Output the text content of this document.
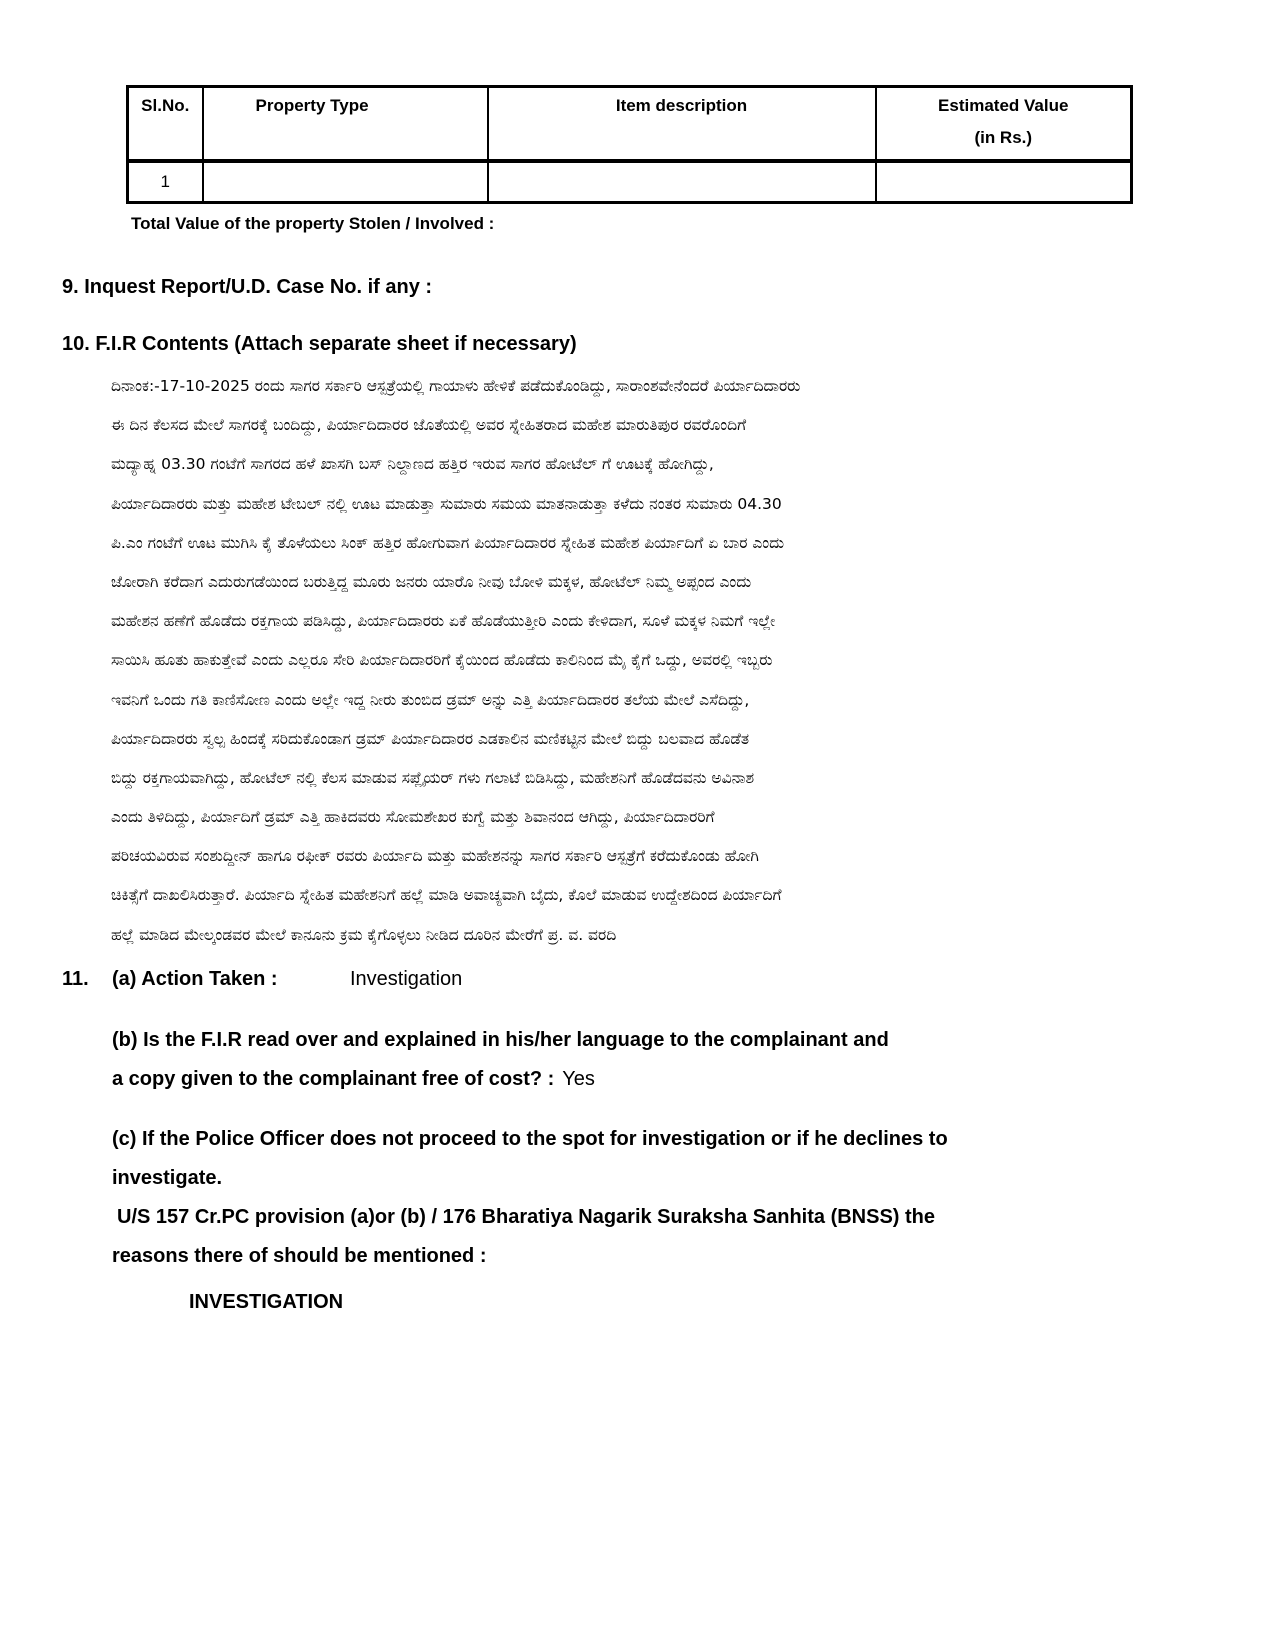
Sl.No.	Property Type	Item description	Estimated Value
(in Rs.)

1			
Total Value of the property Stolen / Involved :
9. Inquest Report/U.D. Case No. if any :
10. F.I.R Contents (Attach separate sheet if necessary)
ದಿನಾಂಕ:-17-10-2025 ರಂದು ಸಾಗರ ಸರ್ಕಾರಿ ಆಸ್ಪತ್ರೆಯಲ್ಲಿ ಗಾಯಾಳು ಹೇಳಿಕೆ ಪಡೆದುಕೊಂಡಿದ್ದು, ಸಾರಾಂಶವೇನೆಂದರೆ ಪಿರ್ಯಾದಿದಾರರು
ಈ ದಿನ ಕೆಲಸದ ಮೇಲೆ ಸಾಗರಕ್ಕೆ ಬಂದಿದ್ದು, ಪಿರ್ಯಾದಿದಾರರ ಜೊತೆಯಲ್ಲಿ ಅವರ ಸ್ನೇಹಿತರಾದ ಮಹೇಶ ಮಾರುತಿಪುರ ರವರೊಂದಿಗೆ
ಮದ್ಯಾಹ್ನ 03.30 ಗಂಟೆಗೆ ಸಾಗರದ ಹಳೆ ಖಾಸಗಿ ಬಸ್ ನಿಲ್ದಾಣದ ಹತ್ತಿರ ಇರುವ ಸಾಗರ ಹೋಟೆಲ್ ಗೆ ಊಟಕ್ಕೆ ಹೋಗಿದ್ದು,
ಪಿರ್ಯಾದಿದಾರರು ಮತ್ತು ಮಹೇಶ ಟೇಬಲ್ ನಲ್ಲಿ ಊಟ ಮಾಡುತ್ತಾ ಸುಮಾರು ಸಮಯ ಮಾತನಾಡುತ್ತಾ ಕಳೆದು ನಂತರ ಸುಮಾರು 04.30
ಪಿ.ಎಂ ಗಂಟೆಗೆ ಊಟ ಮುಗಿಸಿ ಕೈ ತೊಳೆಯಲು ಸಿಂಕ್ ಹತ್ತಿರ ಹೋಗುವಾಗ ಪಿರ್ಯಾದಿದಾರರ ಸ್ನೇಹಿತ ಮಹೇಶ ಪಿರ್ಯಾದಿಗೆ ಏ ಬಾರ ಎಂದು
ಜೋರಾಗಿ ಕರೆದಾಗ ಎದುರುಗಡೆಯಿಂದ ಬರುತ್ತಿದ್ದ ಮೂರು ಜನರು ಯಾರೊ ನೀವು ಬೋಳಿ ಮಕ್ಕಳ, ಹೋಟೆಲ್ ನಿಮ್ಮ ಅಪ್ಪಂದ ಎಂದು
ಮಹೇಶನ ಹಣೆಗೆ ಹೊಡೆದು ರಕ್ತಗಾಯ ಪಡಿಸಿದ್ದು, ಪಿರ್ಯಾದಿದಾರರು ಏಕೆ ಹೊಡೆಯುತ್ತೀರಿ ಎಂದು ಕೇಳಿದಾಗ, ಸೂಳೆ ಮಕ್ಕಳ ನಿಮಗೆ ಇಲ್ಲೇ
ಸಾಯಿಸಿ ಹೂತು ಹಾಕುತ್ತೇವೆ ಎಂದು ಎಲ್ಲರೂ ಸೇರಿ ಪಿರ್ಯಾದಿದಾರರಿಗೆ ಕೈಯಿಂದ ಹೊಡೆದು ಕಾಲಿನಿಂದ ಮೈ ಕೈಗೆ ಒದ್ದು, ಅವರಲ್ಲಿ ಇಬ್ಬರು
ಇವನಿಗೆ ಒಂದು ಗತಿ ಕಾಣಿಸೋಣ ಎಂದು ಅಲ್ಲೇ ಇದ್ದ ನೀರು ತುಂಬಿದ ಡ್ರಮ್ ಅನ್ನು ಎತ್ತಿ ಪಿರ್ಯಾದಿದಾರರ ತಲೆಯ ಮೇಲೆ ಎಸೆದಿದ್ದು,
ಪಿರ್ಯಾದಿದಾರರು ಸ್ವಲ್ಪ ಹಿಂದಕ್ಕೆ ಸರಿದುಕೊಂಡಾಗ ಡ್ರಮ್ ಪಿರ್ಯಾದಿದಾರರ ಎಡಕಾಲಿನ ಮಣಿಕಟ್ಟಿನ ಮೇಲೆ ಬಿದ್ದು ಬಲವಾದ ಹೊಡೆತ
ಬಿದ್ದು ರಕ್ತಗಾಯವಾಗಿದ್ದು, ಹೋಟೆಲ್ ನಲ್ಲಿ ಕೆಲಸ ಮಾಡುವ ಸಪ್ಲೈಯರ್ ಗಳು ಗಲಾಟೆ ಬಿಡಿಸಿದ್ದು, ಮಹೇಶನಿಗೆ ಹೊಡೆದವನು ಅವಿನಾಶ
ಎಂದು ತಿಳಿದಿದ್ದು, ಪಿರ್ಯಾದಿಗೆ ಡ್ರಮ್ ಎತ್ತಿ ಹಾಕಿದವರು ಸೋಮಶೇಖರ ಕುಗ್ವೆ ಮತ್ತು ಶಿವಾನಂದ ಆಗಿದ್ದು, ಪಿರ್ಯಾದಿದಾರರಿಗೆ
ಪರಿಚಯವಿರುವ ಸಂಶುದ್ದೀನ್ ಹಾಗೂ ರಫೀಕ್ ರವರು ಪಿರ್ಯಾದಿ ಮತ್ತು ಮಹೇಶನನ್ನು ಸಾಗರ ಸರ್ಕಾರಿ ಆಸ್ಪತ್ರೆಗೆ ಕರೆದುಕೊಂಡು ಹೋಗಿ
ಚಿಕಿತ್ಸೆಗೆ ದಾಖಲಿಸಿರುತ್ತಾರೆ. ಪಿರ್ಯಾದಿ ಸ್ನೇಹಿತ ಮಹೇಶನಿಗೆ ಹಲ್ಲೆ ಮಾಡಿ ಅವಾಚ್ಯವಾಗಿ ಬೈದು, ಕೊಲೆ ಮಾಡುವ ಉದ್ದೇಶದಿಂದ ಪಿರ್ಯಾದಿಗೆ
ಹಲ್ಲೆ ಮಾಡಿದ ಮೇಲ್ಕಂಡವರ ಮೇಲೆ ಕಾನೂನು ಕ್ರಮ ಕೈಗೊಳ್ಳಲು ನೀಡಿದ ದೂರಿನ ಮೇರೆಗೆ ಪ್ರ. ವ. ವರದಿ
11. (a) Action Taken :	Investigation
(b) Is the F.I.R read over and explained in his/her language to the complainant and
a copy given to the complainant free of cost? : Yes
(c) If the Police Officer does not proceed to the spot for investigation or if he declines to
investigate.
U/S 157 Cr.PC provision (a)or (b) / 176 Bharatiya Nagarik Suraksha Sanhita (BNSS) the
reasons there of should be mentioned :
INVESTIGATION
